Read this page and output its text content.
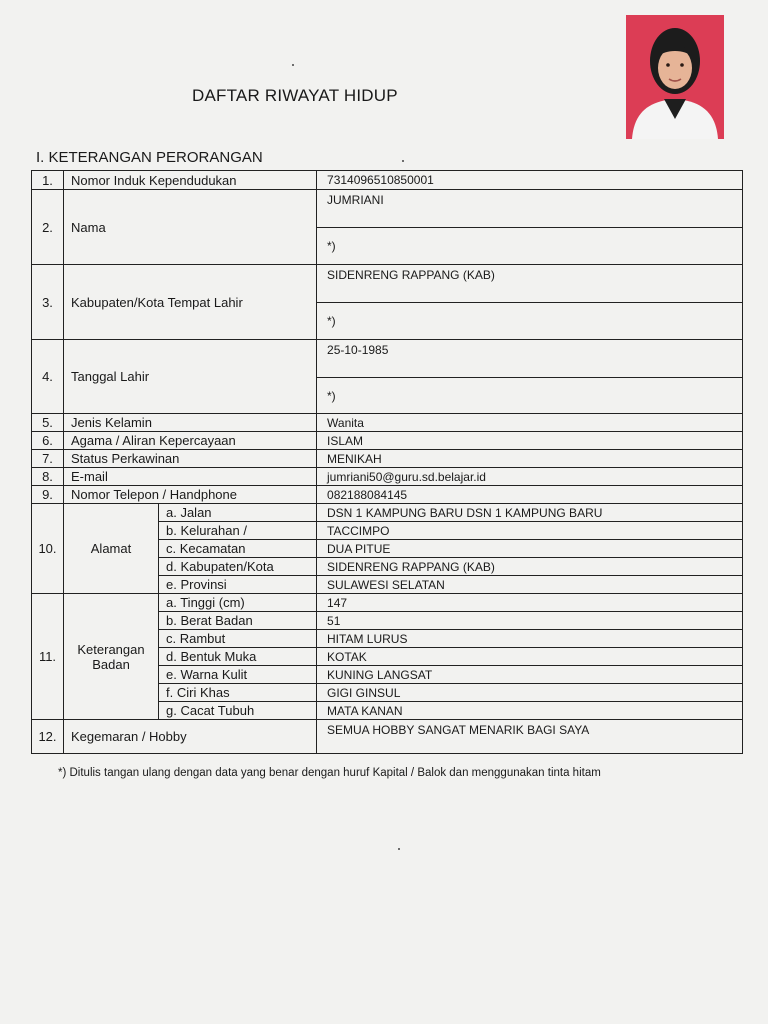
DAFTAR RIWAYAT HIDUP
I. KETERANGAN PERORANGAN
1.	Nomor Induk Kependudukan		7314096510850001
2.	Nama		JUMRIANI
			*)
3.	Kabupaten/Kota Tempat Lahir		SIDENRENG RAPPANG (KAB)
			*)
4.	Tanggal Lahir		25-10-1985
			*)
5.	Jenis Kelamin		Wanita
6.	Agama / Aliran Kepercayaan		ISLAM
7.	Status Perkawinan		MENIKAH
8.	E-mail		jumriani50@guru.sd.belajar.id
9.	Nomor Telepon / Handphone		082188084145
10.	Alamat	a. Jalan	DSN 1 KAMPUNG BARU DSN 1 KAMPUNG BARU
		b. Kelurahan /	TACCIMPO
		c. Kecamatan	DUA PITUE
		d. Kabupaten/Kota	SIDENRENG RAPPANG (KAB)
		e. Provinsi	SULAWESI SELATAN
11.	Keterangan
Badan	a. Tinggi (cm)	147
		b. Berat Badan	51
		c. Rambut	HITAM LURUS
		d. Bentuk Muka	KOTAK
		e. Warna Kulit	KUNING LANGSAT
		f. Ciri Khas	GIGI GINSUL
		g. Cacat Tubuh	MATA KANAN
12.	Kegemaran / Hobby		SEMUA HOBBY SANGAT MENARIK BAGI SAYA
*) Ditulis tangan ulang dengan data yang benar dengan huruf Kapital / Balok dan menggunakan tinta hitam
